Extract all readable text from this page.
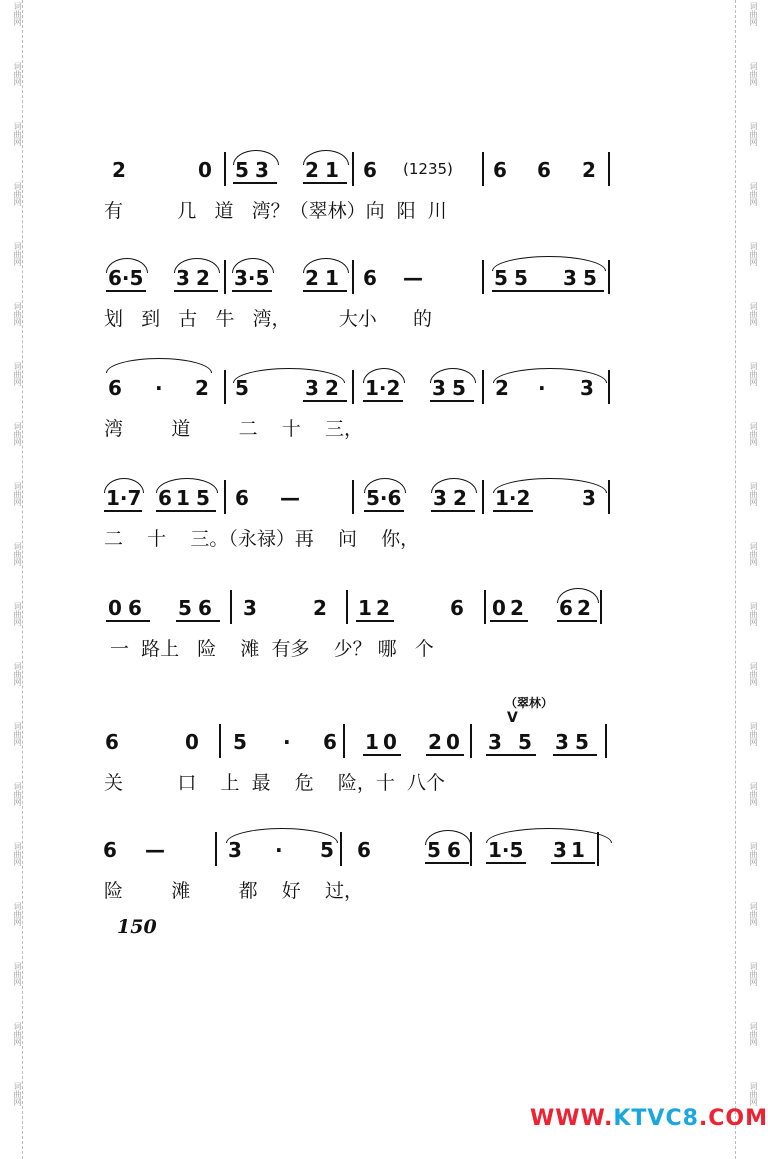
词曲网
词曲网
词曲网
词曲网
词曲网
词曲网
词曲网
词曲网
词曲网
词曲网
词曲网
词曲网
词曲网
词曲网
词曲网
词曲网
词曲网
词曲网
词曲网
词曲网
词曲网
词曲网
词曲网
词曲网
词曲网
词曲网
词曲网
词曲网
词曲网
词曲网
词曲网
词曲网
词曲网
词曲网
词曲网
词曲网
词曲网
词曲网
2	0 5 3 2 1 6 (1235) 6 6 2
有         几   道   湾？（翠林）向  阳  川
6·5 3 2 3·5 2 1 6 —	5 5 3 5
划   到   古   牛   湾，        大小      的
6 · 2 5	3 2 1·2 3 5 2 · 3
湾        道        二    十    三，
1·7 6 1 5 6 —	5·6 3 2 1·2	3
二    十    三。（永禄）再    问    你，
0 6 5 6 3	2 1 2	6 0 2 6 2
一  路上   险    滩  有多    少？ 哪   个
6	0 5 · 6 1 0 2 0 3 5 3 5
关         口    上  最    危    险，十  八个
6 —	3 · 5 6	5 6 1·5 3 1
险        滩        都    好    过，
（翠林）
V
150
WWW.KTVC8.COM
